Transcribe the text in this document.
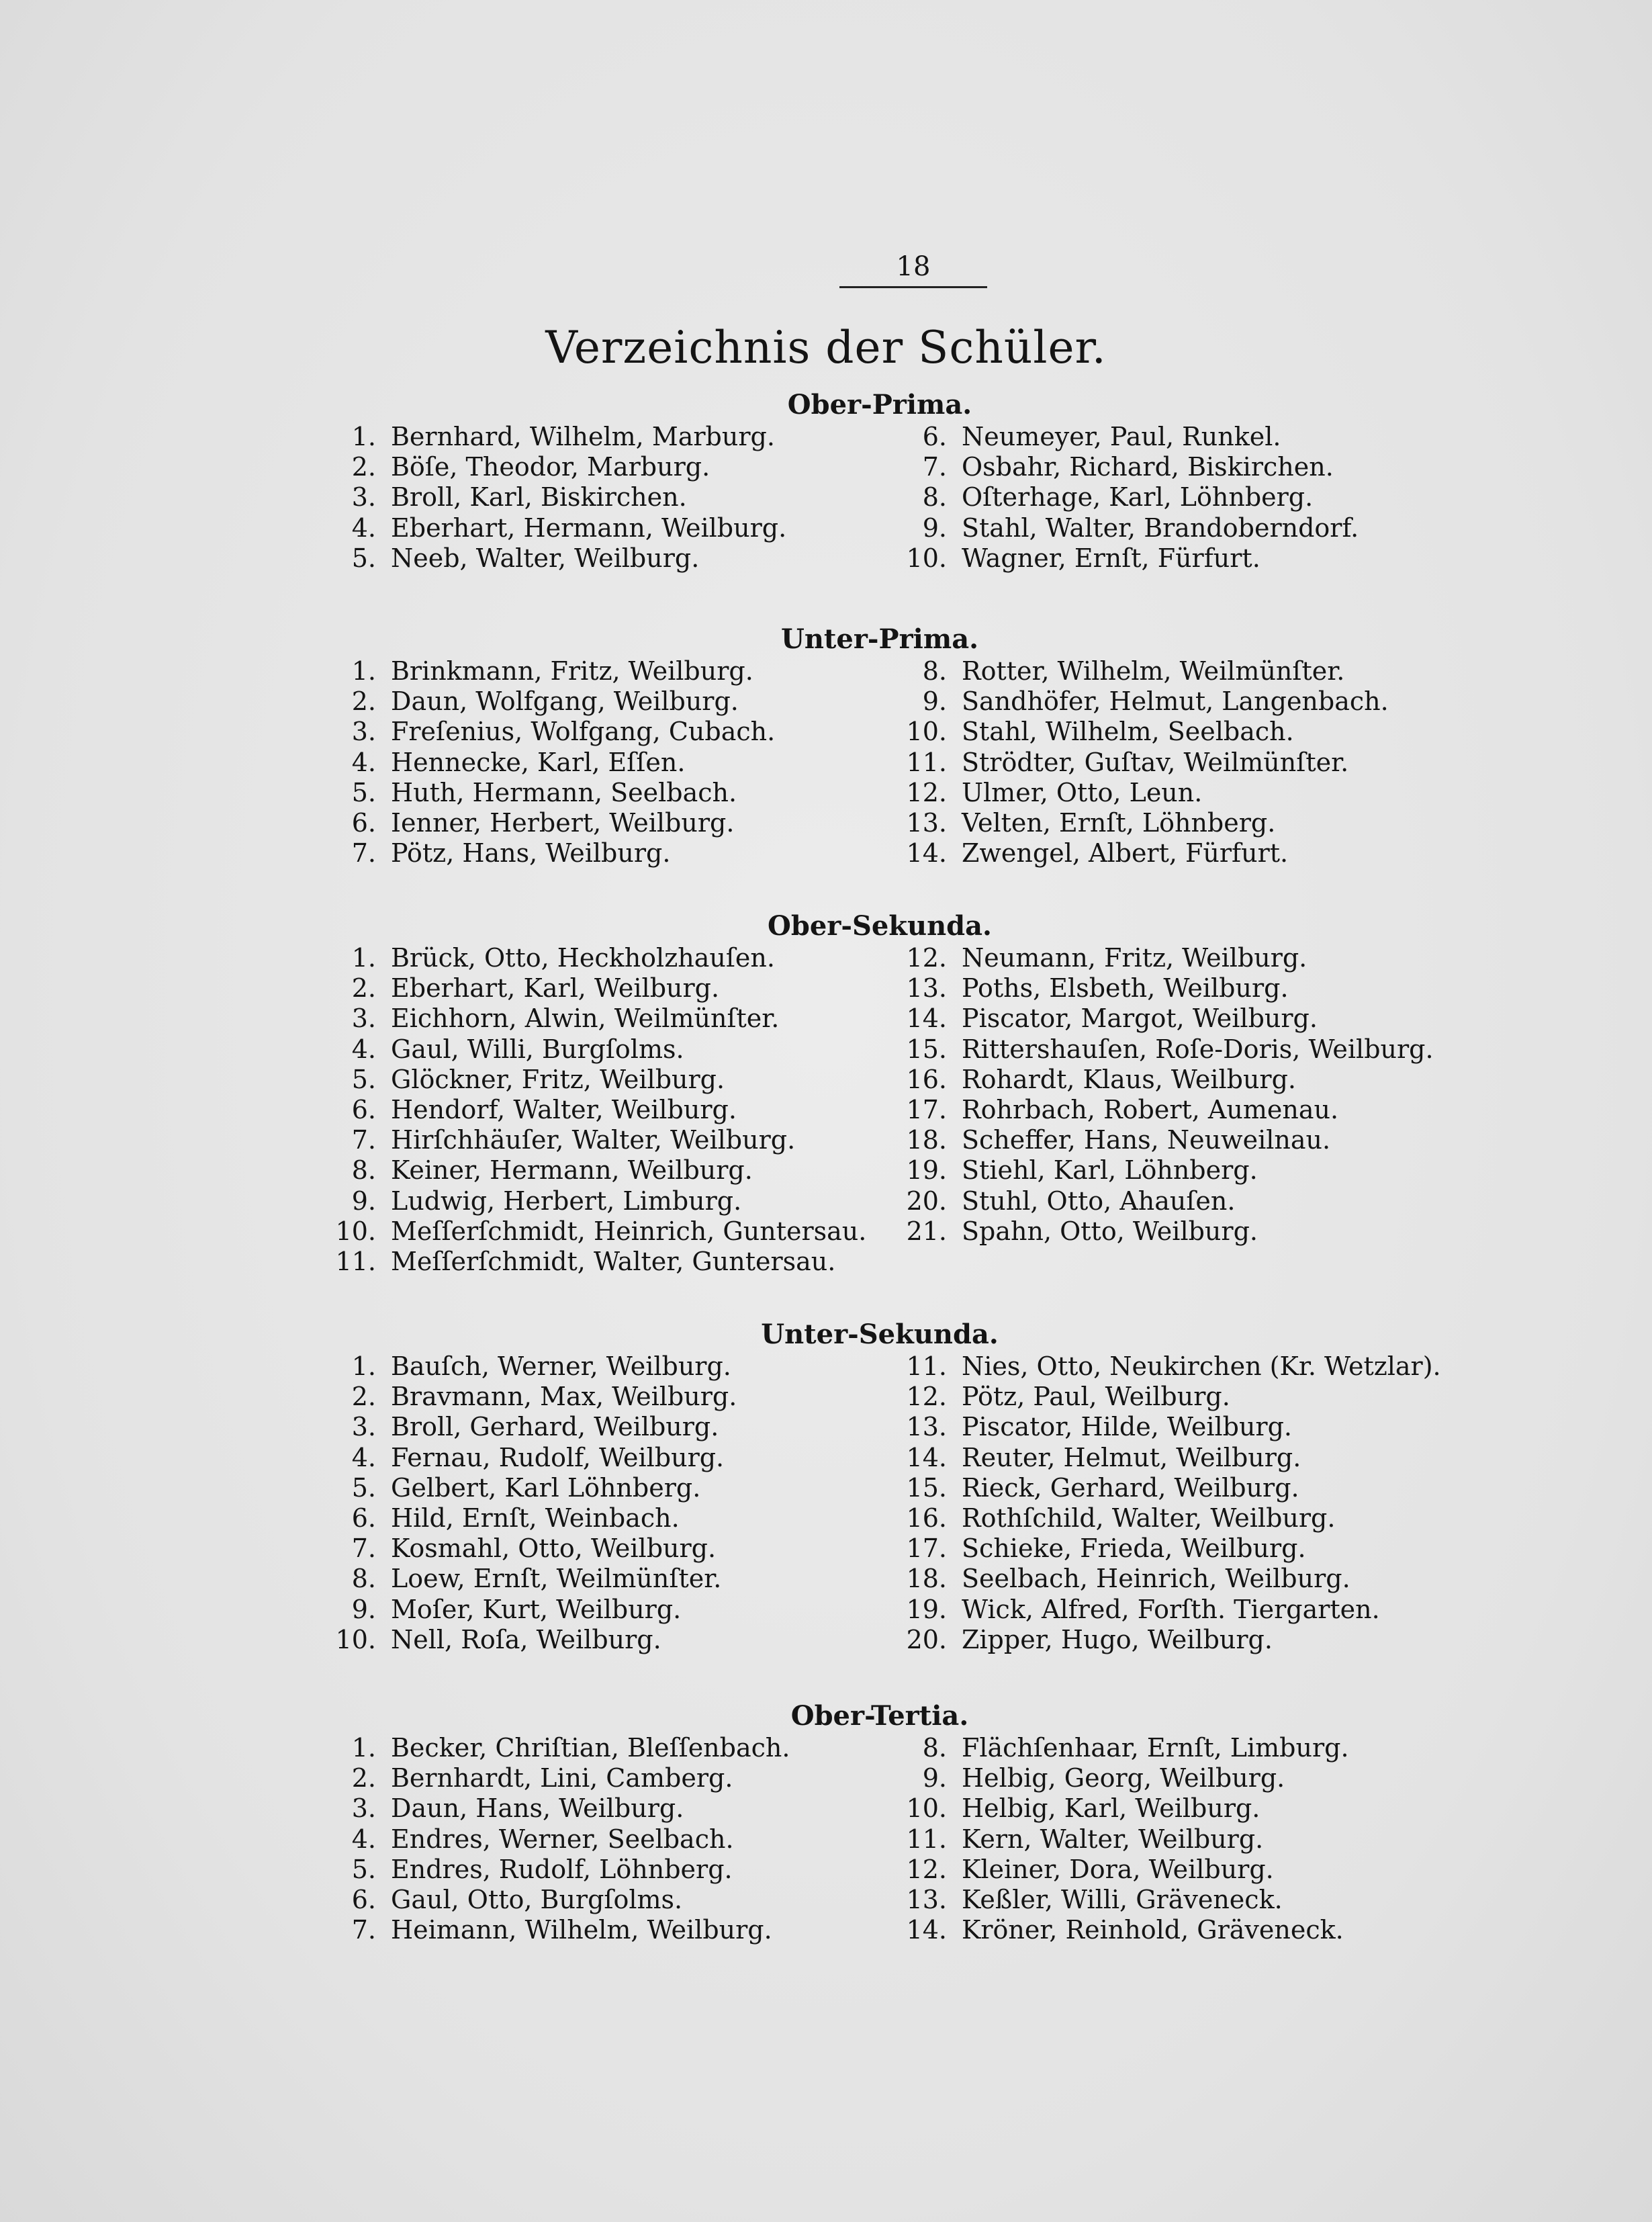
18
Verzeichnis der Schüler.
Ober-Prima.
1. Bernhard, Wilhelm, Marburg.
2. Böſe, Theodor, Marburg.
3. Broll, Karl, Biskirchen.
4. Eberhart, Hermann, Weilburg.
5. Neeb, Walter, Weilburg.
6. Neumeyer, Paul, Runkel.
7. Osbahr, Richard, Biskirchen.
8. Oſterhage, Karl, Löhnberg.
9. Stahl, Walter, Brandoberndorf.
10. Wagner, Ernſt, Fürfurt.
Unter-Prima.
1. Brinkmann, Fritz, Weilburg.
2. Daun, Wolfgang, Weilburg.
3. Freſenius, Wolfgang, Cubach.
4. Hennecke, Karl, Eſſen.
5. Huth, Hermann, Seelbach.
6. Ienner, Herbert, Weilburg.
7. Pötz, Hans, Weilburg.
8. Rotter, Wilhelm, Weilmünſter.
9. Sandhöfer, Helmut, Langenbach.
10. Stahl, Wilhelm, Seelbach.
11. Strödter, Guſtav, Weilmünſter.
12. Ulmer, Otto, Leun.
13. Velten, Ernſt, Löhnberg.
14. Zwengel, Albert, Fürfurt.
Ober-Sekunda.
1. Brück, Otto, Heckholzhauſen.
2. Eberhart, Karl, Weilburg.
3. Eichhorn, Alwin, Weilmünſter.
4. Gaul, Willi, Burgſolms.
5. Glöckner, Fritz, Weilburg.
6. Hendorf, Walter, Weilburg.
7. Hirſchhäuſer, Walter, Weilburg.
8. Keiner, Hermann, Weilburg.
9. Ludwig, Herbert, Limburg.
10. Meſſerſchmidt, Heinrich, Guntersau.
11. Meſſerſchmidt, Walter, Guntersau.
12. Neumann, Fritz, Weilburg.
13. Poths, Elsbeth, Weilburg.
14. Piscator, Margot, Weilburg.
15. Rittershauſen, Roſe-Doris, Weilburg.
16. Rohardt, Klaus, Weilburg.
17. Rohrbach, Robert, Aumenau.
18. Scheffer, Hans, Neuweilnau.
19. Stiehl, Karl, Löhnberg.
20. Stuhl, Otto, Ahauſen.
21. Spahn, Otto, Weilburg.
Unter-Sekunda.
1. Bauſch, Werner, Weilburg.
2. Bravmann, Max, Weilburg.
3. Broll, Gerhard, Weilburg.
4. Fernau, Rudolf, Weilburg.
5. Gelbert, Karl Löhnberg.
6. Hild, Ernſt, Weinbach.
7. Kosmahl, Otto, Weilburg.
8. Loew, Ernſt, Weilmünſter.
9. Moſer, Kurt, Weilburg.
10. Nell, Roſa, Weilburg.
11. Nies, Otto, Neukirchen (Kr. Wetzlar).
12. Pötz, Paul, Weilburg.
13. Piscator, Hilde, Weilburg.
14. Reuter, Helmut, Weilburg.
15. Rieck, Gerhard, Weilburg.
16. Rothſchild, Walter, Weilburg.
17. Schieke, Frieda, Weilburg.
18. Seelbach, Heinrich, Weilburg.
19. Wick, Alfred, Forſth. Tiergarten.
20. Zipper, Hugo, Weilburg.
Ober-Tertia.
1. Becker, Chriſtian, Bleſſenbach.
2. Bernhardt, Lini, Camberg.
3. Daun, Hans, Weilburg.
4. Endres, Werner, Seelbach.
5. Endres, Rudolf, Löhnberg.
6. Gaul, Otto, Burgſolms.
7. Heimann, Wilhelm, Weilburg.
8. Flächſenhaar, Ernſt, Limburg.
9. Helbig, Georg, Weilburg.
10. Helbig, Karl, Weilburg.
11. Kern, Walter, Weilburg.
12. Kleiner, Dora, Weilburg.
13. Keßler, Willi, Gräveneck.
14. Kröner, Reinhold, Gräveneck.
